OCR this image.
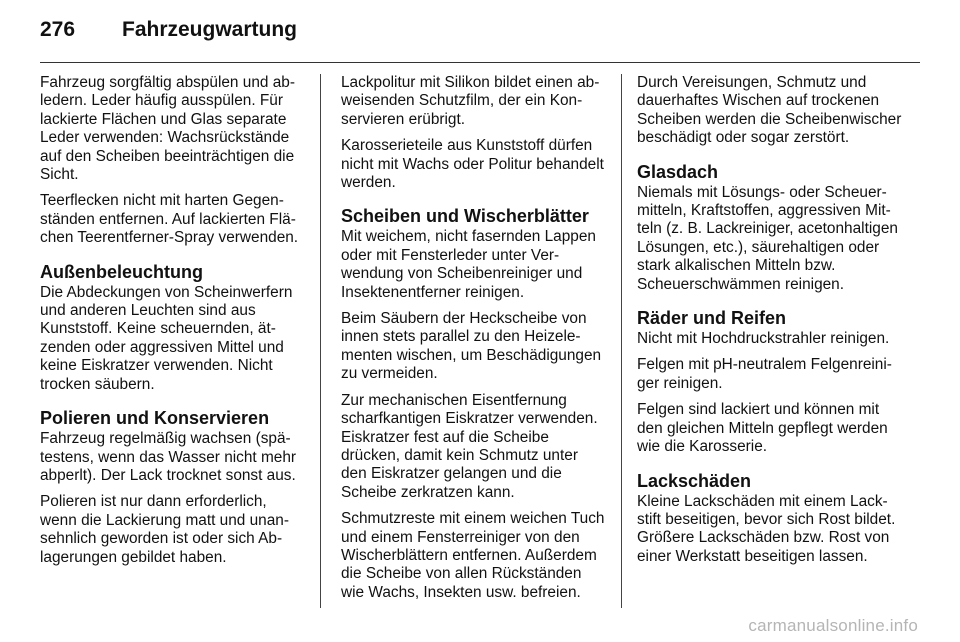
276	Fahrzeugwartung

Fahrzeug sorgfältig abspülen und abledern. Leder häufig ausspülen. Für lackierte Flächen und Glas separate Leder verwenden: Wachsrückstände auf den Scheiben beeinträchtigen die Sicht.

Teerflecken nicht mit harten Gegenständen entfernen. Auf lackierten Flächen Teerentferner-Spray verwenden.

Außenbeleuchtung

Die Abdeckungen von Scheinwerfern und anderen Leuchten sind aus Kunststoff. Keine scheuernden, ätzenden oder aggressiven Mittel und keine Eiskratzer verwenden. Nicht trocken säubern.

Polieren und Konservieren

Fahrzeug regelmäßig wachsen (spätestens, wenn das Wasser nicht mehr abperlt). Der Lack trocknet sonst aus.

Polieren ist nur dann erforderlich, wenn die Lackierung matt und unansehnlich geworden ist oder sich Ablagerungen gebildet haben.

Lackpolitur mit Silikon bildet einen abweisenden Schutzfilm, der ein Konservieren erübrigt.

Karosserieteile aus Kunststoff dürfen nicht mit Wachs oder Politur behandelt werden.

Scheiben und Wischerblätter

Mit weichem, nicht fasernden Lappen oder mit Fensterleder unter Verwendung von Scheibenreiniger und Insektenentferner reinigen.

Beim Säubern der Heckscheibe von innen stets parallel zu den Heizelementen wischen, um Beschädigungen zu vermeiden.

Zur mechanischen Eisentfernung scharfkantigen Eiskratzer verwenden. Eiskratzer fest auf die Scheibe drücken, damit kein Schmutz unter den Eiskratzer gelangen und die Scheibe zerkratzen kann.

Schmutzreste mit einem weichen Tuch und einem Fensterreiniger von den Wischerblättern entfernen. Außerdem die Scheibe von allen Rückständen wie Wachs, Insekten usw. befreien.

Durch Vereisungen, Schmutz und dauerhaftes Wischen auf trockenen Scheiben werden die Scheibenwischer beschädigt oder sogar zerstört.

Glasdach

Niemals mit Lösungs- oder Scheuermitteln, Kraftstoffen, aggressiven Mitteln (z. B. Lackreiniger, acetonhaltigen Lösungen, etc.), säurehaltigen oder stark alkalischen Mitteln bzw. Scheuerschwämmen reinigen.

Räder und Reifen

Nicht mit Hochdruckstrahler reinigen.

Felgen mit pH-neutralem Felgenreiniger reinigen.

Felgen sind lackiert und können mit den gleichen Mitteln gepflegt werden wie die Karosserie.

Lackschäden

Kleine Lackschäden mit einem Lackstift beseitigen, bevor sich Rost bildet. Größere Lackschäden bzw. Rost von einer Werkstatt beseitigen lassen.

carmanualsonline.info
